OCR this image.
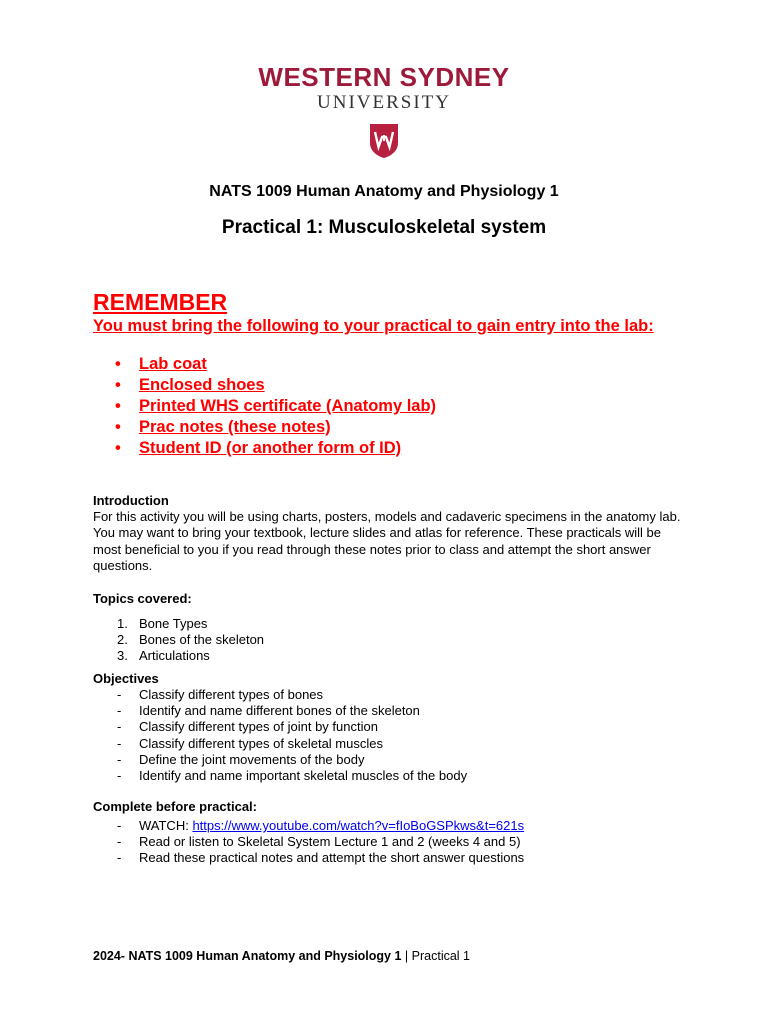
WESTERN SYDNEY
UNIVERSITY
NATS 1009 Human Anatomy and Physiology 1
Practical 1: Musculoskeletal system
REMEMBER
You must bring the following to your practical to gain entry into the lab:
• Lab coat
• Enclosed shoes
• Printed WHS certificate (Anatomy lab)
• Prac notes (these notes)
• Student ID (or another form of ID)
Introduction
For this activity you will be using charts, posters, models and cadaveric specimens in the anatomy lab. You may want to bring your textbook, lecture slides and atlas for reference. These practicals will be most beneficial to you if you read through these notes prior to class and attempt the short answer questions.
Topics covered:
1. Bone Types
2. Bones of the skeleton
3. Articulations
Objectives
- Classify different types of bones
- Identify and name different bones of the skeleton
- Classify different types of joint by function
- Classify different types of skeletal muscles
- Define the joint movements of the body
- Identify and name important skeletal muscles of the body
Complete before practical:
- WATCH: https://www.youtube.com/watch?v=fIoBoGSPkws&t=621s
- Read or listen to Skeletal System Lecture 1 and 2 (weeks 4 and 5)
- Read these practical notes and attempt the short answer questions
2024- NATS 1009 Human Anatomy and Physiology 1 | Practical 1
